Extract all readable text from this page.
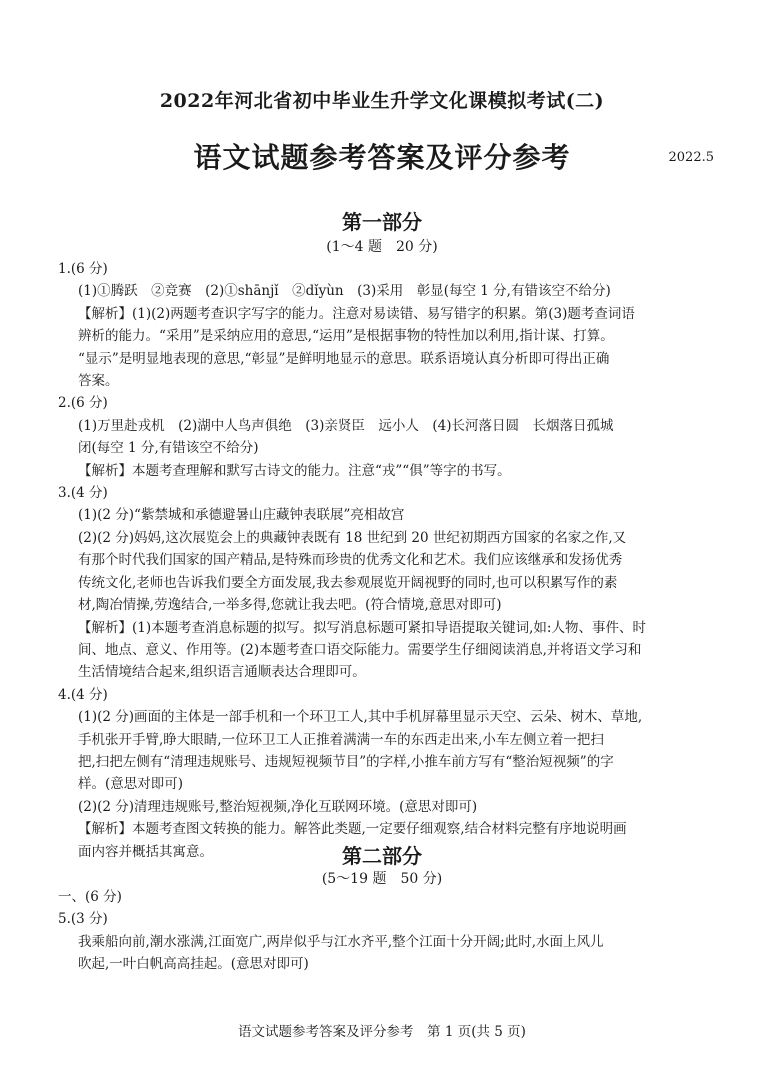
2022年河北省初中毕业生升学文化课模拟考试(二)
语文试题参考答案及评分参考	2022.5
第一部分
(1～4 题　20 分)

1.(6 分)

(1)①腾跃　②竞赛　(2)①shānjǐ　②dǐyùn　(3)采用　彰显(每空 1 分,有错该空不给分)

【解析】(1)(2)两题考查识字写字的能力。注意对易读错、易写错字的积累。第(3)题考查词语

辨析的能力。“采用”是采纳应用的意思,“运用”是根据事物的特性加以利用,指计谋、打算。

“显示”是明显地表现的意思,“彰显”是鲜明地显示的意思。联系语境认真分析即可得出正确

答案。

2.(6 分)

(1)万里赴戎机　(2)湖中人鸟声俱绝　(3)亲贤臣　远小人　(4)长河落日圆　长烟落日孤城

闭(每空 1 分,有错该空不给分)

【解析】本题考查理解和默写古诗文的能力。注意“戎”“俱”等字的书写。

3.(4 分)

(1)(2 分)“紫禁城和承德避暑山庄藏钟表联展”亮相故宫

(2)(2 分)妈妈,这次展览会上的典藏钟表既有 18 世纪到 20 世纪初期西方国家的名家之作,又

有那个时代我们国家的国产精品,是特殊而珍贵的优秀文化和艺术。我们应该继承和发扬优秀

传统文化,老师也告诉我们要全方面发展,我去参观展览开阔视野的同时,也可以积累写作的素

材,陶冶情操,劳逸结合,一举多得,您就让我去吧。(符合情境,意思对即可)

【解析】(1)本题考查消息标题的拟写。拟写消息标题可紧扣导语提取关键词,如:人物、事件、时

间、地点、意义、作用等。(2)本题考查口语交际能力。需要学生仔细阅读消息,并将语文学习和

生活情境结合起来,组织语言通顺表达合理即可。

4.(4 分)

(1)(2 分)画面的主体是一部手机和一个环卫工人,其中手机屏幕里显示天空、云朵、树木、草地,

手机张开手臂,睁大眼睛,一位环卫工人正推着满满一车的东西走出来,小车左侧立着一把扫

把,扫把左侧有“清理违规账号、违规短视频节目”的字样,小推车前方写有“整治短视频”的字

样。(意思对即可)

(2)(2 分)清理违规账号,整治短视频,净化互联网环境。(意思对即可)

【解析】本题考查图文转换的能力。解答此类题,一定要仔细观察,结合材料完整有序地说明画

面内容并概括其寓意。	第二部分
(5～19 题　50 分)

一、(6 分)

5.(3 分)

我乘船向前,潮水涨满,江面宽广,两岸似乎与江水齐平,整个江面十分开阔;此时,水面上风儿

吹起,一叶白帆高高挂起。(意思对即可)

语文试题参考答案及评分参考　第 1 页(共 5 页)
